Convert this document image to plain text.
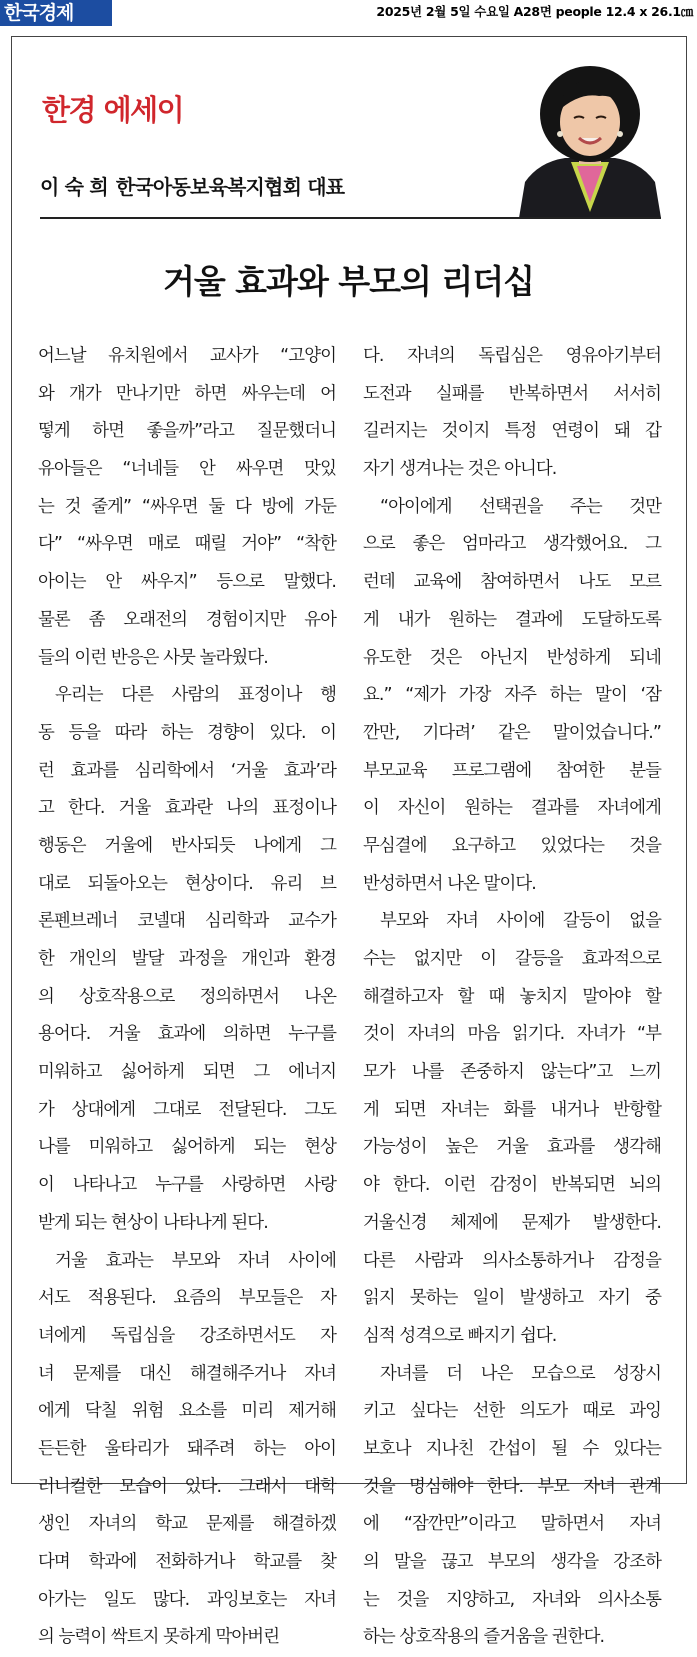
한국경제	2025년 2월 5일 수요일 A28면 people 12.4 x 26.1㎝
한경 에세이
이 숙 희 한국아동보육복지협회 대표
거울 효과와 부모의 리더십
어느날 유치원에서 교사가 “고양이
와 개가 만나기만 하면 싸우는데 어
떻게 하면 좋을까”라고 질문했더니
유아들은 “너네들 안 싸우면 맛있
는 것 줄게” “싸우면 둘 다 방에 가둔
다” “싸우면 매로 때릴 거야” “착한
아이는 안 싸우지” 등으로 말했다.
물론 좀 오래전의 경험이지만 유아
들의 이런 반응은 사뭇 놀라웠다.
우리는 다른 사람의 표정이나 행
동 등을 따라 하는 경향이 있다. 이
런 효과를 심리학에서 ‘거울 효과’라
고 한다. 거울 효과란 나의 표정이나
행동은 거울에 반사되듯 나에게 그
대로 되돌아오는 현상이다. 유리 브
론펜브레너 코넬대 심리학과 교수가
한 개인의 발달 과정을 개인과 환경
의 상호작용으로 정의하면서 나온
용어다. 거울 효과에 의하면 누구를
미워하고 싫어하게 되면 그 에너지
가 상대에게 그대로 전달된다. 그도
나를 미워하고 싫어하게 되는 현상
이 나타나고 누구를 사랑하면 사랑
받게 되는 현상이 나타나게 된다.
거울 효과는 부모와 자녀 사이에
서도 적용된다. 요즘의 부모들은 자
녀에게 독립심을 강조하면서도 자
녀 문제를 대신 해결해주거나 자녀
에게 닥칠 위험 요소를 미리 제거해
든든한 울타리가 돼주려 하는 아이
러니컬한 모습이 있다. 그래서 대학
생인 자녀의 학교 문제를 해결하겠
다며 학과에 전화하거나 학교를 찾
아가는 일도 많다. 과잉보호는 자녀
의 능력이 싹트지 못하게 막아버린
다. 자녀의 독립심은 영유아기부터
도전과 실패를 반복하면서 서서히
길러지는 것이지 특정 연령이 돼 갑
자기 생겨나는 것은 아니다.
“아이에게 선택권을 주는 것만
으로 좋은 엄마라고 생각했어요. 그
런데 교육에 참여하면서 나도 모르
게 내가 원하는 결과에 도달하도록
유도한 것은 아닌지 반성하게 되네
요.” “제가 가장 자주 하는 말이 ‘잠
깐만, 기다려’ 같은 말이었습니다.”
부모교육 프로그램에 참여한 분들
이 자신이 원하는 결과를 자녀에게
무심결에 요구하고 있었다는 것을
반성하면서 나온 말이다.
부모와 자녀 사이에 갈등이 없을
수는 없지만 이 갈등을 효과적으로
해결하고자 할 때 놓치지 말아야 할
것이 자녀의 마음 읽기다. 자녀가 “부
모가 나를 존중하지 않는다”고 느끼
게 되면 자녀는 화를 내거나 반항할
가능성이 높은 거울 효과를 생각해
야 한다. 이런 감정이 반복되면 뇌의
거울신경 체제에 문제가 발생한다.
다른 사람과 의사소통하거나 감정을
읽지 못하는 일이 발생하고 자기 중
심적 성격으로 빠지기 쉽다.
자녀를 더 나은 모습으로 성장시
키고 싶다는 선한 의도가 때로 과잉
보호나 지나친 간섭이 될 수 있다는
것을 명심해야 한다. 부모 자녀 관계
에 “잠깐만”이라고 말하면서 자녀
의 말을 끊고 부모의 생각을 강조하
는 것을 지양하고, 자녀와 의사소통
하는 상호작용의 즐거움을 권한다.
